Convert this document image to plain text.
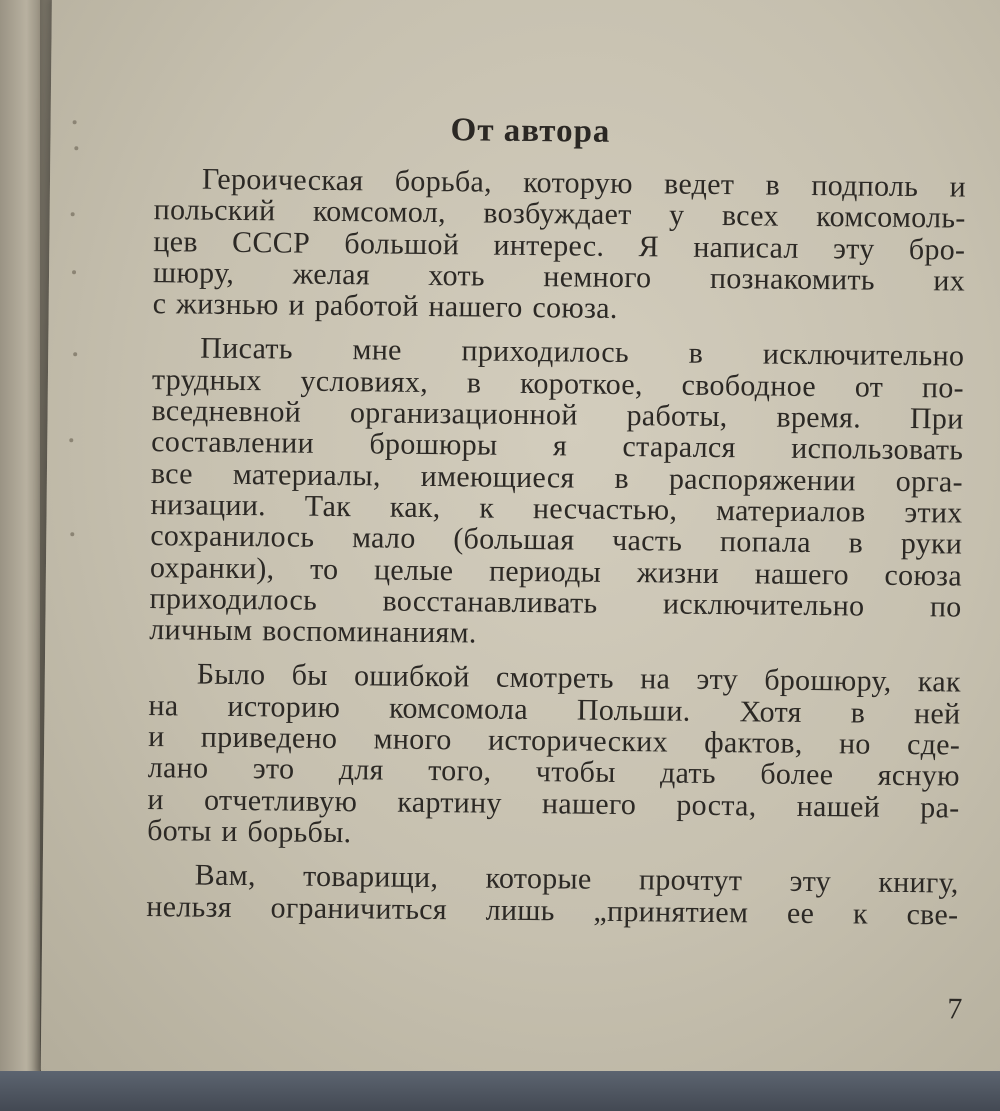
От автора
Героическая борьба, которую ведет в подполь и
польский комсомол, возбуждает у всех комсомоль-
цев СССР большой интерес. Я написал эту бро-
шюру, желая хоть немного познакомить их
с жизнью и работой нашего союза.
Писать мне приходилось в исключительно
трудных условиях, в короткое, свободное от по-
вседневной организационной работы, время. При
составлении брошюры я старался использовать
все материалы, имеющиеся в распоряжении орга-
низации. Так как, к несчастью, материалов этих
сохранилось мало (большая часть попала в руки
охранки), то целые периоды жизни нашего союза
приходилось восстанавливать исключительно по
личным воспоминаниям.
Было бы ошибкой смотреть на эту брошюру, как
на историю комсомола Польши. Хотя в ней
и приведено много исторических фактов, но сде-
лано это для того, чтобы дать более ясную
и отчетливую картину нашего роста, нашей ра-
боты и борьбы.
Вам, товарищи, которые прочтут эту книгу,
нельзя ограничиться лишь „принятием ее к све-
7
